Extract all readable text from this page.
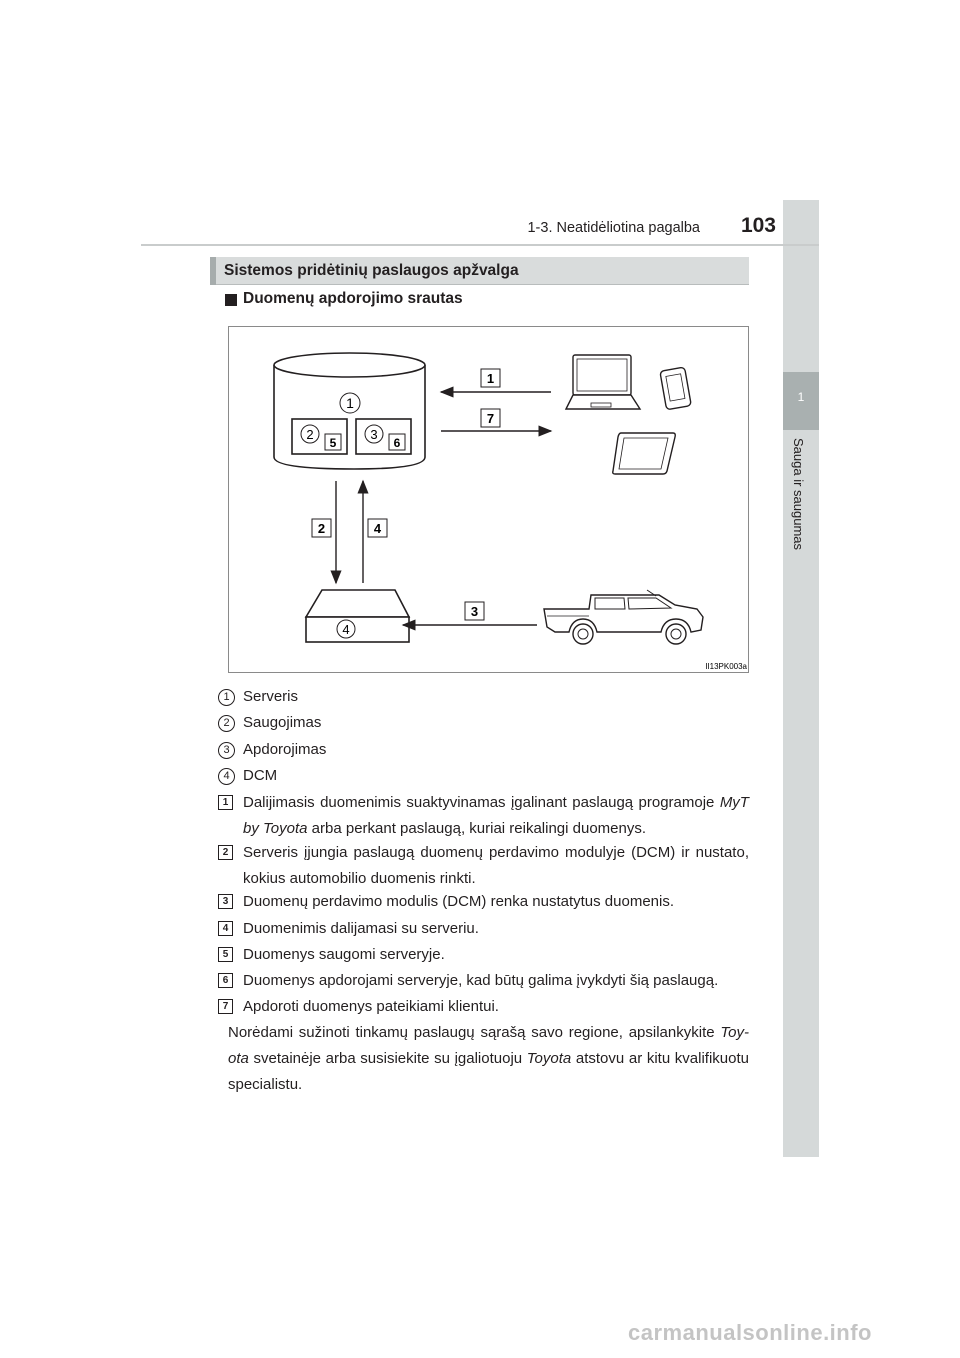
1
Sauga ir saugumas
1-3. Neatidėliotina pagalba	103
Sistemos pridėtinių paslaugos apžvalga
Duomenų apdorojimo srautas
1
2
5
3
6
1
7
2	4
4
3
II13PK003a
1 Serveris
2 Saugojimas
3 Apdorojimas
4 DCM
1 Dalijimasis duomenimis suaktyvinamas įgalinant paslaugą programoje MyT by Toyota arba perkant paslaugą, kuriai reikalingi duomenys.
2 Serveris įjungia paslaugą duomenų perdavimo modulyje (DCM) ir nustato, kokius automobilio duomenis rinkti.
3 Duomenų perdavimo modulis (DCM) renka nustatytus duomenis.
4 Duomenimis dalijamasi su serveriu.
5 Duomenys saugomi serveryje.
6 Duomenys apdorojami serveryje, kad būtų galima įvykdyti šią paslaugą.
7 Apdoroti duomenys pateikiami klientui.
Norėdami sužinoti tinkamų paslaugų sąrašą savo regione, apsilankykite Toy-ota svetainėje arba susisiekite su įgaliotuoju Toyota atstovu ar kitu kvalifikuotu specialistu.
carmanualsonline.info
